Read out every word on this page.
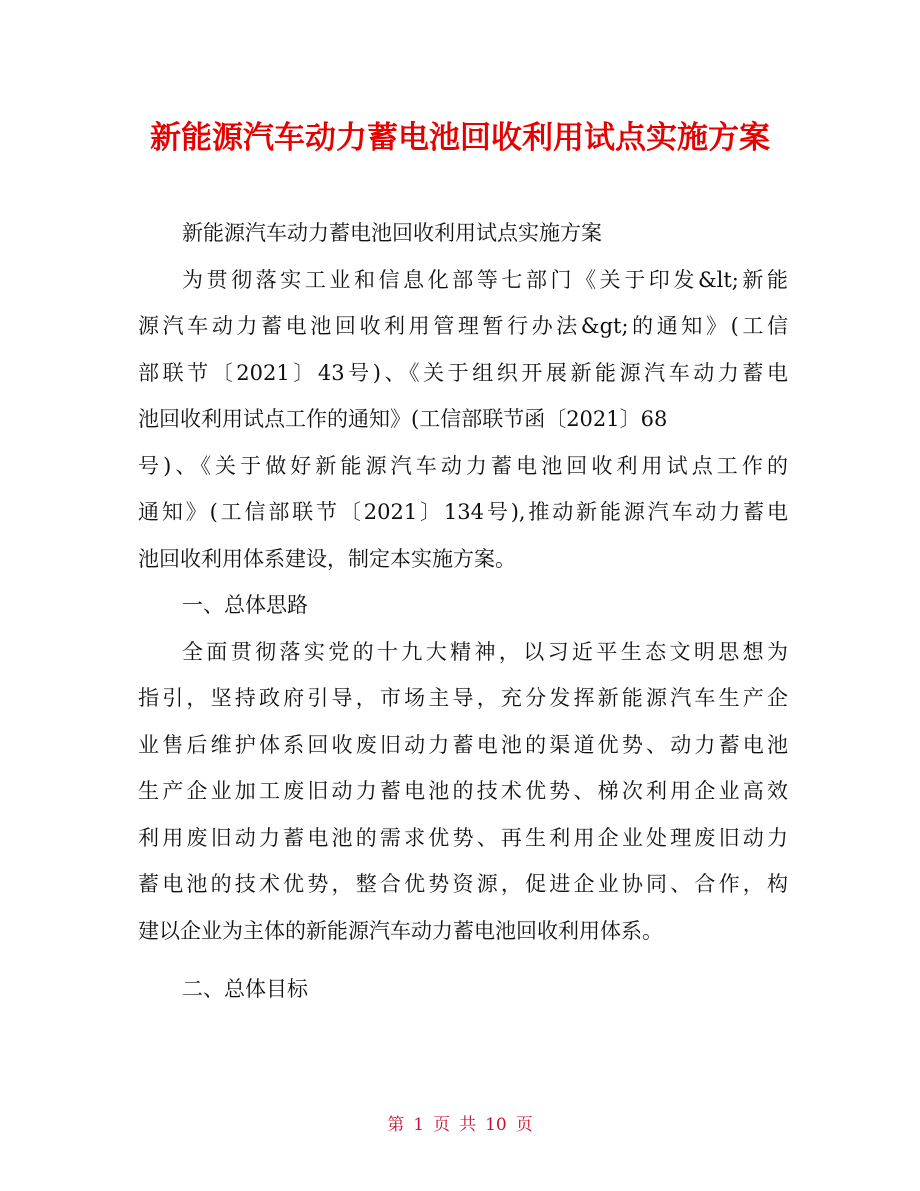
新能源汽车动力蓄电池回收利用试点实施方案
新能源汽车动力蓄电池回收利用试点实施方案
为贯彻落实工业和信息化部等七部门《关于印发&lt;新能
源汽车动力蓄电池回收利用管理暂行办法&gt;的通知》(工信
部联节〔2021〕43号)、《关于组织开展新能源汽车动力蓄电
池回收利用试点工作的通知》(工信部联节函〔2021〕68
号)、《关于做好新能源汽车动力蓄电池回收利用试点工作的
通知》(工信部联节〔2021〕134号),推动新能源汽车动力蓄电
池回收利用体系建设，制定本实施方案。
一、总体思路
全面贯彻落实党的十九大精神，以习近平生态文明思想为
指引，坚持政府引导，市场主导，充分发挥新能源汽车生产企
业售后维护体系回收废旧动力蓄电池的渠道优势、动力蓄电池
生产企业加工废旧动力蓄电池的技术优势、梯次利用企业高效
利用废旧动力蓄电池的需求优势、再生利用企业处理废旧动力
蓄电池的技术优势，整合优势资源，促进企业协同、合作，构
建以企业为主体的新能源汽车动力蓄电池回收利用体系。
二、总体目标
第 1 页 共 10 页
